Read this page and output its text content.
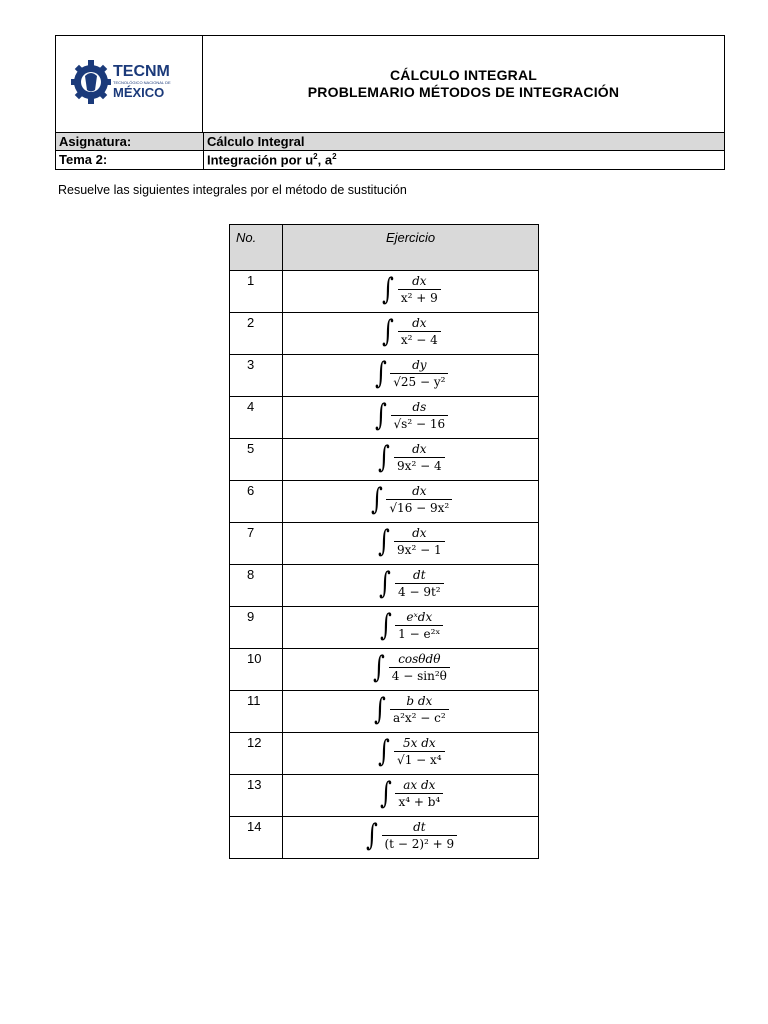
TECNM
TECNOLÓGICO NACIONAL DE
MÉXICO
CÁLCULO INTEGRAL
PROBLEMARIO MÉTODOS DE INTEGRACIÓN
Asignatura:	Cálculo Integral
Tema 2:	Integración por $u^2$, $a^2$
Resuelve las siguientes integrales por el método de sustitución
No.	Ejercicio
1	∫ $\frac{dx}{\text{x² + 9}}$

2	∫ $\frac{dx}{\text{x² − 4}}$

3	∫ $\frac{dy}{\text{√25 − y²}}$

4	∫ $\frac{ds}{\text{√s² − 16}}$

5	∫ $\frac{dx}{\text{9x² − 4}}$

6	∫ $\frac{dx}{\text{√16 − 9x²}}$

7	∫ $\frac{dx}{\text{9x² − 1}}$

8	∫ $\frac{dt}{\text{4 − 9t²}}$

9	∫ $\frac{\text{eˣdx}}{\text{1 − e²ˣ}}$

10	∫ $\frac{\text{cosθdθ}}{\text{4 − sin²θ}}$

11	∫ $\frac{\text{b dx}}{\text{a²x² − c²}}$

12	∫ $\frac{\text{5x dx}}{\text{√1 − x⁴}}$

13	∫ $\frac{\text{ax dx}}{\text{x⁴ + b⁴}}$

14	∫ $\frac{dt}{\text{(t − 2)² + 9}}$
